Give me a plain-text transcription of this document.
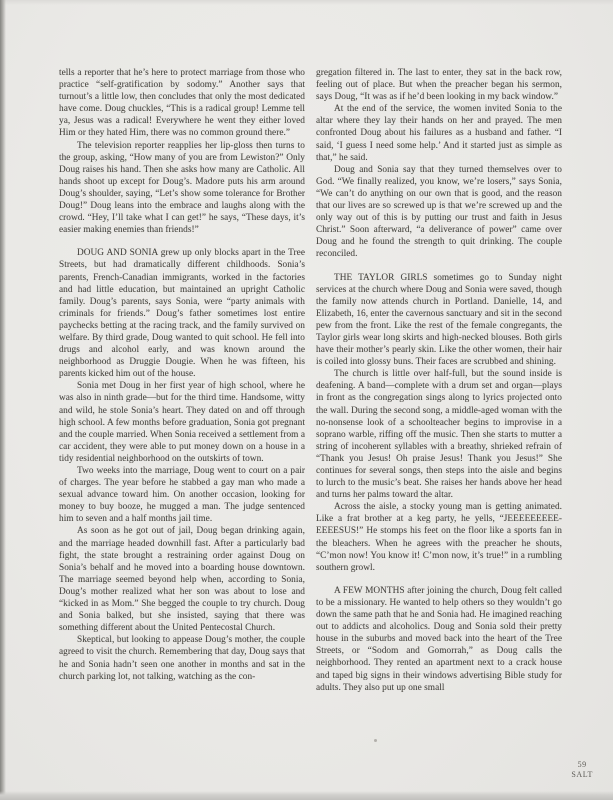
tells a reporter that he’s here to protect marriage from those who practice “self-gratification by sodomy.” Another says that turnout’s a little low, then concludes that only the most dedicated have come. Doug chuckles, “This is a radical group! Lemme tell ya, Jesus was a radical! Everywhere he went they either loved Him or they hated Him, there was no common ground there.”

The television reporter reapplies her lip-gloss then turns to the group, asking, “How many of you are from Lewiston?” Only Doug raises his hand. Then she asks how many are Catholic. All hands shoot up except for Doug’s. Madore puts his arm around Doug’s shoulder, saying, “Let’s show some tolerance for Brother Doug!” Doug leans into the embrace and laughs along with the crowd. “Hey, I’ll take what I can get!” he says, “These days, it’s easier making enemies than friends!”

DOUG AND SONIA grew up only blocks apart in the Tree Streets, but had dramatically different childhoods. Sonia’s parents, French-Canadian immigrants, worked in the factories and had little education, but maintained an upright Catholic family. Doug’s parents, says Sonia, were “party animals with criminals for friends.” Doug’s father sometimes lost entire paychecks betting at the racing track, and the family survived on welfare. By third grade, Doug wanted to quit school. He fell into drugs and alcohol early, and was known around the neighborhood as Druggie Dougie. When he was fifteen, his parents kicked him out of the house.

Sonia met Doug in her first year of high school, where he was also in ninth grade—but for the third time. Handsome, witty and wild, he stole Sonia’s heart. They dated on and off through high school. A few months before graduation, Sonia got pregnant and the couple married. When Sonia received a settlement from a car accident, they were able to put money down on a house in a tidy residential neighborhood on the outskirts of town.

Two weeks into the marriage, Doug went to court on a pair of charges. The year before he stabbed a gay man who made a sexual advance toward him. On another occasion, looking for money to buy booze, he mugged a man. The judge sentenced him to seven and a half months jail time.

As soon as he got out of jail, Doug began drinking again, and the marriage headed downhill fast. After a particularly bad fight, the state brought a restraining order against Doug on Sonia’s behalf and he moved into a boarding house downtown. The marriage seemed beyond help when, according to Sonia, Doug’s mother realized what her son was about to lose and “kicked in as Mom.” She begged the couple to try church. Doug and Sonia balked, but she insisted, saying that there was something different about the United Pentecostal Church.

Skeptical, but looking to appease Doug’s mother, the couple agreed to visit the church. Remembering that day, Doug says that he and Sonia hadn’t seen one another in months and sat in the church parking lot, not talking, watching as the con-

gregation filtered in. The last to enter, they sat in the back row, feeling out of place. But when the preacher began his sermon, says Doug, “It was as if he’d been looking in my back window.”

At the end of the service, the women invited Sonia to the altar where they lay their hands on her and prayed. The men confronted Doug about his failures as a husband and father. “I said, ‘I guess I need some help.’ And it started just as simple as that,” he said.

Doug and Sonia say that they turned themselves over to God. “We finally realized, you know, we’re losers,” says Sonia, “We can’t do anything on our own that is good, and the reason that our lives are so screwed up is that we’re screwed up and the only way out of this is by putting our trust and faith in Jesus Christ.” Soon afterward, “a deliverance of power” came over Doug and he found the strength to quit drinking. The couple reconciled.

THE TAYLOR GIRLS sometimes go to Sunday night services at the church where Doug and Sonia were saved, though the family now attends church in Portland. Danielle, 14, and Elizabeth, 16, enter the cavernous sanctuary and sit in the second pew from the front. Like the rest of the female congregants, the Taylor girls wear long skirts and high-necked blouses. Both girls have their mother’s pearly skin. Like the other women, their hair is coiled into glossy buns. Their faces are scrubbed and shining.

The church is little over half-full, but the sound inside is deafening. A band—complete with a drum set and organ—plays in front as the congregation sings along to lyrics projected onto the wall. During the second song, a middle-aged woman with the no-nonsense look of a schoolteacher begins to improvise in a soprano warble, riffing off the music. Then she starts to mutter a string of incoherent syllables with a breathy, shrieked refrain of “Thank you Jesus! Oh praise Jesus! Thank you Jesus!” She continues for several songs, then steps into the aisle and begins to lurch to the music’s beat. She raises her hands above her head and turns her palms toward the altar.

Across the aisle, a stocky young man is getting animated. Like a frat brother at a keg party, he yells, “JEEEEEEEEEEEEESUS!” He stomps his feet on the floor like a sports fan in the bleachers. When he agrees with the preacher he shouts, “C’mon now! You know it! C’mon now, it’s true!” in a rumbling southern growl.

A FEW MONTHS after joining the church, Doug felt called to be a missionary. He wanted to help others so they wouldn’t go down the same path that he and Sonia had. He imagined reaching out to addicts and alcoholics. Doug and Sonia sold their pretty house in the suburbs and moved back into the heart of the Tree Streets, or “Sodom and Gomorrah,” as Doug calls the neighborhood. They rented an apartment next to a crack house and taped big signs in their windows advertising Bible study for adults. They also put up one small

59
SALT
